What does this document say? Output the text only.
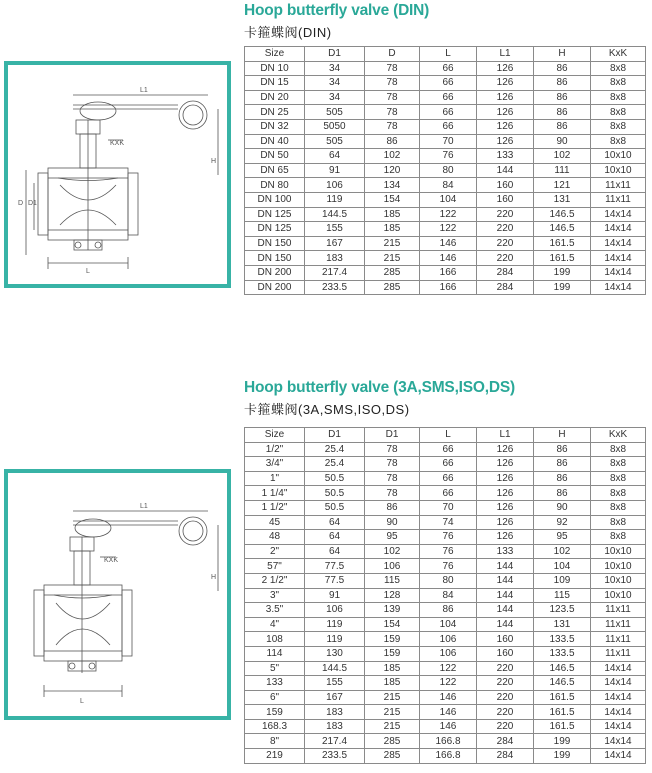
L1
KXK
H
D D1
L
Hoop butterfly valve (DIN)
卡箍蝶阀(DIN)
Size	D1	D	L	L1	H	KxK
DN 10	34	78	66	126	86	8x8
DN 15	34	78	66	126	86	8x8
DN 20	34	78	66	126	86	8x8
DN 25	505	78	66	126	86	8x8
DN 32	5050	78	66	126	86	8x8
DN 40	505	86	70	126	90	8x8
DN 50	64	102	76	133	102	10x10
DN 65	91	120	80	144	111	10x10
DN 80	106	134	84	160	121	11x11
DN 100	119	154	104	160	131	11x11
DN 125	144.5	185	122	220	146.5	14x14
DN 125	155	185	122	220	146.5	14x14
DN 150	167	215	146	220	161.5	14x14
DN 150	183	215	146	220	161.5	14x14
DN 200	217.4	285	166	284	199	14x14
DN 200	233.5	285	166	284	199	14x14
L1
KXK
H
L
Hoop butterfly valve (3A,SMS,ISO,DS)
卡箍蝶阀(3A,SMS,ISO,DS)
Size	D1	D1	L	L1	H	KxK
1/2"	25.4	78	66	126	86	8x8
3/4"	25.4	78	66	126	86	8x8
1"	50.5	78	66	126	86	8x8
1 1/4"	50.5	78	66	126	86	8x8
1 1/2"	50.5	86	70	126	90	8x8
45	64	90	74	126	92	8x8
48	64	95	76	126	95	8x8
2"	64	102	76	133	102	10x10
57"	77.5	106	76	144	104	10x10
2 1/2"	77.5	115	80	144	109	10x10
3"	91	128	84	144	115	10x10
3.5"	106	139	86	144	123.5	11x11
4"	119	154	104	144	131	11x11
108	119	159	106	160	133.5	11x11
114	130	159	106	160	133.5	11x11
5"	144.5	185	122	220	146.5	14x14
133	155	185	122	220	146.5	14x14
6"	167	215	146	220	161.5	14x14
159	183	215	146	220	161.5	14x14
168.3	183	215	146	220	161.5	14x14
8"	217.4	285	166.8	284	199	14x14
219	233.5	285	166.8	284	199	14x14
